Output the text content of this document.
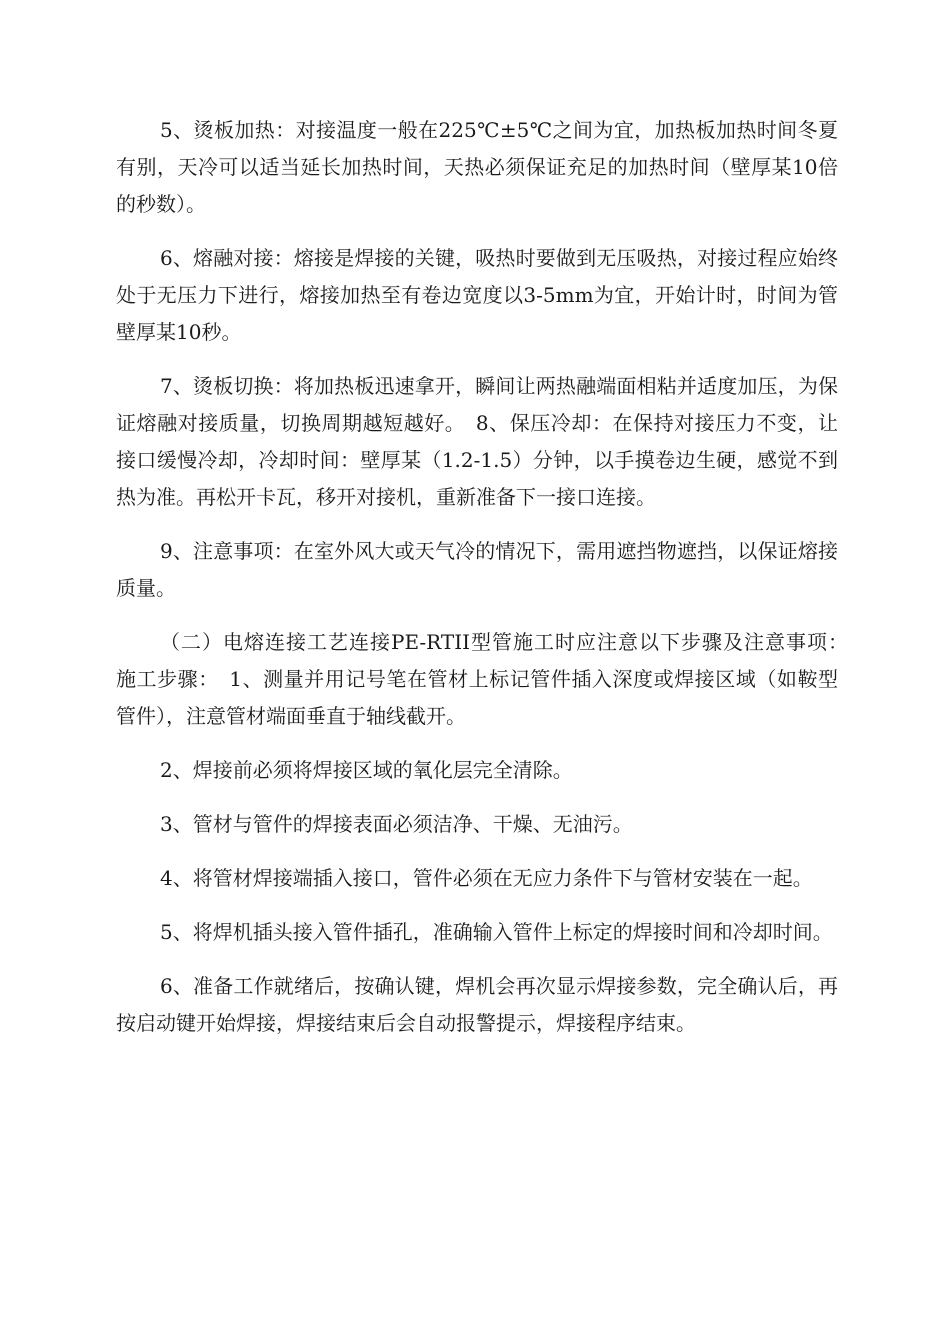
5、烫板加热：对接温度一般在225℃±5℃之间为宜，加热板加热时间冬夏有别，天冷可以适当延长加热时间，天热必须保证充足的加热时间（壁厚某10倍的秒数）。

6、熔融对接：熔接是焊接的关键，吸热时要做到无压吸热，对接过程应始终处于无压力下进行，熔接加热至有卷边宽度以3-5mm为宜，开始计时，时间为管壁厚某10秒。

7、烫板切换：将加热板迅速拿开，瞬间让两热融端面相粘并适度加压，为保证熔融对接质量，切换周期越短越好。　8、保压冷却：在保持对接压力不变，让接口缓慢冷却，冷却时间：壁厚某（1.2-1.5）分钟，以手摸卷边生硬，感觉不到热为准。再松开卡瓦，移开对接机，重新准备下一接口连接。

9、注意事项：在室外风大或天气冷的情况下，需用遮挡物遮挡，以保证熔接质量。

（二）电熔连接工艺连接PE-RTII型管施工时应注意以下步骤及注意事项：　施工步骤：　1、测量并用记号笔在管材上标记管件插入深度或焊接区域（如鞍型管件），注意管材端面垂直于轴线截开。

2、焊接前必须将焊接区域的氧化层完全清除。

3、管材与管件的焊接表面必须洁净、干燥、无油污。

4、将管材焊接端插入接口，管件必须在无应力条件下与管材安装在一起。

5、将焊机插头接入管件插孔，准确输入管件上标定的焊接时间和冷却时间。

6、准备工作就绪后，按确认键，焊机会再次显示焊接参数，完全确认后，再按启动键开始焊接，焊接结束后会自动报警提示，焊接程序结束。
